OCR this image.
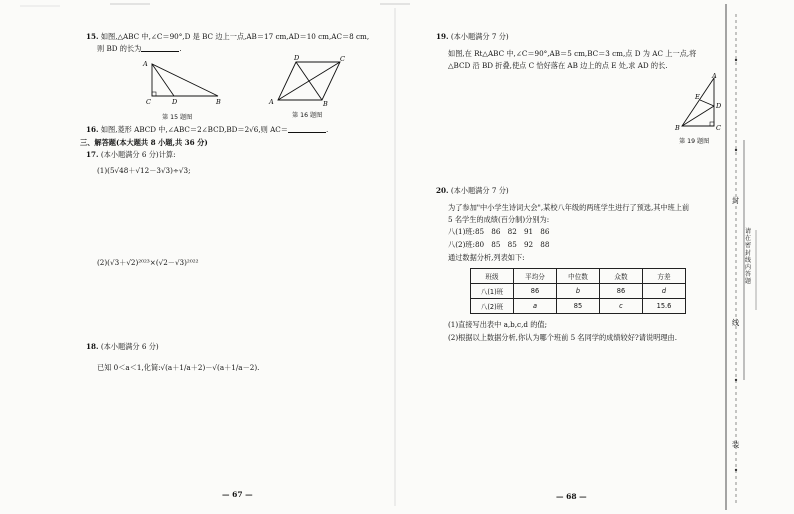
15. 如图,△ABC 中,∠C＝90°,D 是 BC 边上一点,AB＝17 cm,AD＝10 cm,AC＝8 cm,
则 BD 的长为	.
A
C	D	B
第 15 题图
D	C
A	B
第 16 题图
16. 如图,菱形 ABCD 中,∠ABC＝2∠BCD,BD＝2√6,则 AC＝	.
三、解答题(本大题共 8 小题,共 36 分)
17. (本小题满分 6 分)计算:
(1)(5√48＋√12－3√3)÷√3;
(2)(√3＋√2)²⁰²³×(√2－√3)²⁰²²
18. (本小题满分 6 分)
已知 0＜a＜1,化简:√(a＋1/a＋2)－√(a＋1/a－2).
— 67 —
19. (本小题满分 7 分)
如图,在 Rt△ABC 中,∠C＝90°,AB＝5 cm,BC＝3 cm,点 D 为 AC 上一点,将
△BCD 沿 BD 折叠,使点 C 恰好落在 AB 边上的点 E 处,求 AD 的长.
A
E
D
B	C
第 19 题图
20. (本小题满分 7 分)
为了参加"中小学生诗词大会",某校八年级的两班学生进行了预选,其中班上前
5 名学生的成绩(百分制)分别为:
八(1)班:85　86　82　91　86
八(2)班:80　85　85　92　88
通过数据分析,列表如下:
班级	平均分	中位数	众数	方差
八(1)班	86	b	86	d
八(2)班	a	85	c	15.6
(1)直接写出表中 a,b,c,d 的值;
(2)根据以上数据分析,你认为哪个班前 5 名同学的成绩较好?请说明理由.
— 68 —
封
线
装
请在密封线内答题
